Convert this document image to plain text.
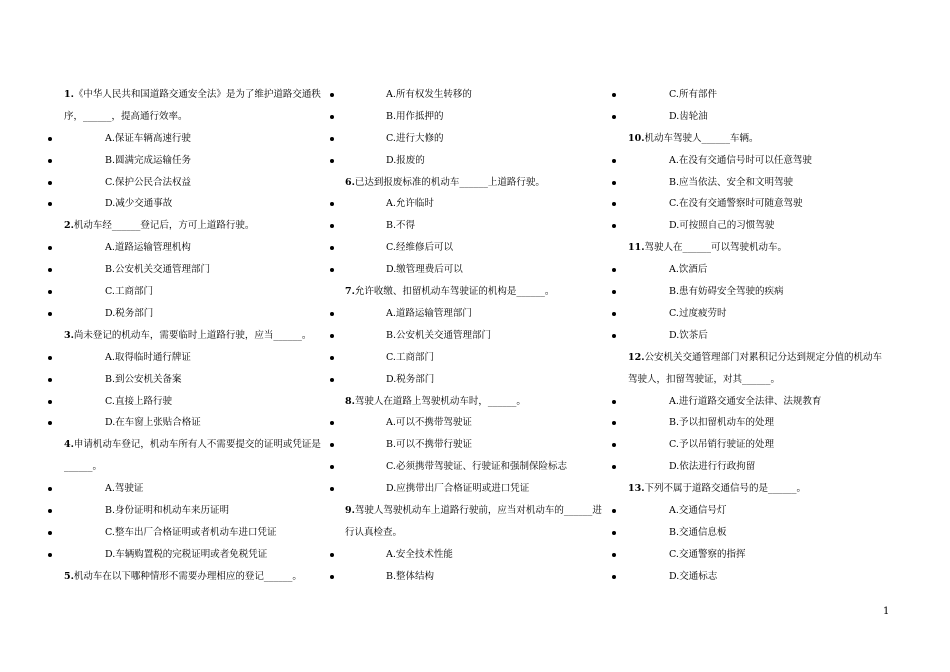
1.《中华人民共和国道路交通安全法》是为了维护道路交通秩序，______，提高通行效率。
A.保证车辆高速行驶
B.圆满完成运输任务
C.保护公民合法权益
D.减少交通事故
2.机动车经______登记后，方可上道路行驶。
A.道路运输管理机构
B.公安机关交通管理部门
C.工商部门
D.税务部门
3.尚未登记的机动车，需要临时上道路行驶，应当______。
A.取得临时通行牌证
B.到公安机关备案
C.直接上路行驶
D.在车窗上张贴合格证
4.申请机动车登记，机动车所有人不需要提交的证明或凭证是______。
A.驾驶证
B.身份证明和机动车来历证明
C.整车出厂合格证明或者机动车进口凭证
D.车辆购置税的完税证明或者免税凭证
5.机动车在以下哪种情形不需要办理相应的登记______。
A.所有权发生转移的
B.用作抵押的
C.进行大修的
D.报废的
6.已达到报废标准的机动车______上道路行驶。
A.允许临时
B.不得
C.经维修后可以
D.缴管理费后可以
7.允许收缴、扣留机动车驾驶证的机构是______。
A.道路运输管理部门
B.公安机关交通管理部门
C.工商部门
D.税务部门
8.驾驶人在道路上驾驶机动车时，______。
A.可以不携带驾驶证
B.可以不携带行驶证
C.必须携带驾驶证、行驶证和强制保险标志
D.应携带出厂合格证明或进口凭证
9.驾驶人驾驶机动车上道路行驶前，应当对机动车的______进行认真检查。
A.安全技术性能
B.整体结构
C.所有部件
D.齿轮油
10.机动车驾驶人______车辆。
A.在没有交通信号时可以任意驾驶
B.应当依法、安全和文明驾驶
C.在没有交通警察时可随意驾驶
D.可按照自己的习惯驾驶
11.驾驶人在______可以驾驶机动车。
A.饮酒后
B.患有妨碍安全驾驶的疾病
C.过度疲劳时
D.饮茶后
12.公安机关交通管理部门对累积记分达到规定分值的机动车驾驶人，扣留驾驶证，对其______。
A.进行道路交通安全法律、法规教育
B.予以扣留机动车的处理
C.予以吊销行驶证的处理
D.依法进行行政拘留
13.下列不属于道路交通信号的是______。
A.交通信号灯
B.交通信息板
C.交通警察的指挥
D.交通标志
1
